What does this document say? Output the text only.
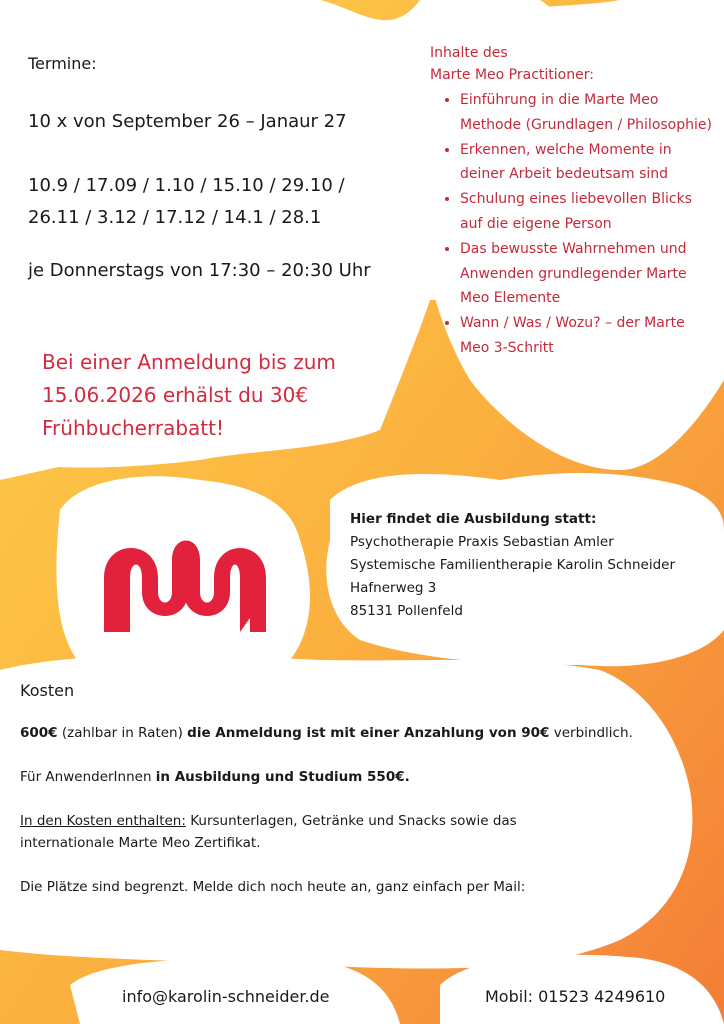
Termine:
10 x von September 26 – Janaur 27
10.9 / 17.09 / 1.10 / 15.10 / 29.10 /
26.11 / 3.12 / 17.12 / 14.1 / 28.1
je Donnerstags von 17:30 – 20:30 Uhr
Bei einer Anmeldung bis zum
15.06.2026 erhälst du 30€
Frühbucherrabatt!
Inhalte des
Marte Meo Practitioner:
• Einführung in die Marte Meo Methode (Grundlagen / Philosophie)
• Erkennen, welche Momente in deiner Arbeit bedeutsam sind
• Schulung eines liebevollen Blicks auf die eigene Person
• Das bewusste Wahrnehmen und Anwenden grundlegender Marte Meo Elemente
• Wann / Was / Wozu? – der Marte Meo 3-Schritt
Hier findet die Ausbildung statt:
Psychotherapie Praxis Sebastian Amler
Systemische Familientherapie Karolin Schneider
Hafnerweg 3
85131 Pollenfeld

Kosten

600€ (zahlbar in Raten) die Anmeldung ist mit einer Anzahlung von 90€ verbindlich.

Für AnwenderInnen in Ausbildung und Studium 550€.

In den Kosten enthalten: Kursunterlagen, Getränke und Snacks sowie das
internationale Marte Meo Zertifikat.

Die Plätze sind begrenzt. Melde dich noch heute an, ganz einfach per Mail:

info@karolin-schneider.de	Mobil: 01523 4249610
